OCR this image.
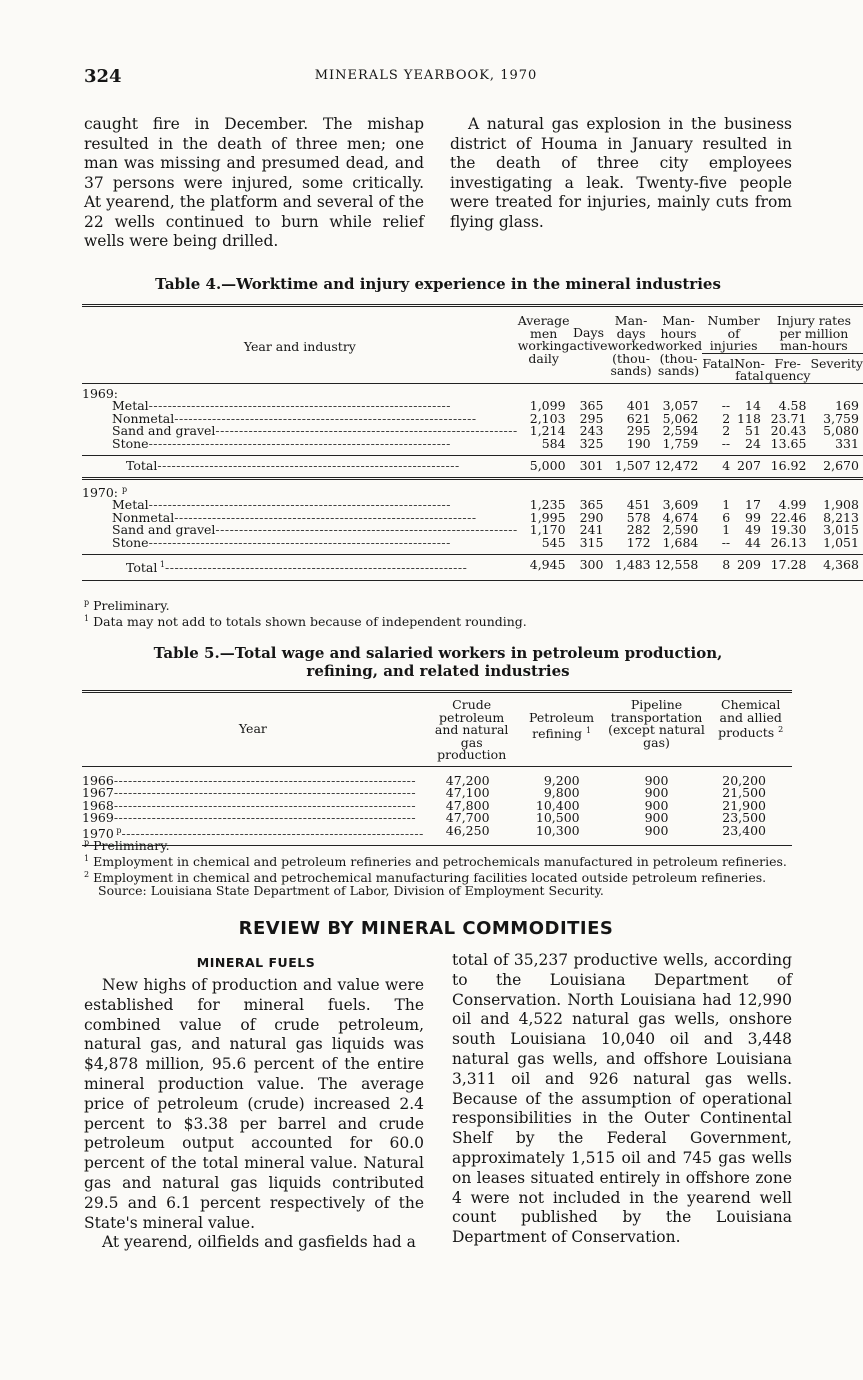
324	MINERALS YEARBOOK, 1970

caught fire in December. The mishap resulted in the death of three men; one man was missing and presumed dead, and 37 persons were injured, some critically. At yearend, the platform and several of the 22 wells continued to burn while relief wells were being drilled.

A natural gas explosion in the business district of Houma in January resulted in the death of three city employees investigating a leak. Twenty-five people were treated for injuries, mainly cuts from flying glass.

Table 4.—Worktime and injury experience in the mineral industries
Year and industry	Average men working daily	Days active	Man-days worked (thou-sands)	Man-hours worked (thou-sands)	Number of injuries		Injury rates per million man-hours	
					Fatal	Non-fatal	Fre-quency	Severity

1969:								
Metal----------------------------------------------------------------	1,099	365	401	3,057	--	14	4.58	169
Nonmetal----------------------------------------------------------------	2,103	295	621	5,062	2	118	23.71	3,759
Sand and gravel----------------------------------------------------------------	1,214	243	295	2,594	2	51	20.43	5,080
Stone----------------------------------------------------------------	584	325	190	1,759	--	24	13.65	331

Total----------------------------------------------------------------	5,000	301	1,507	12,472	4	207	16.92	2,670

1970: $^p$
Metal----------------------------------------------------------------	1,235	365	451	3,609	1	17	4.99	1,908
Nonmetal----------------------------------------------------------------	1,995	290	578	4,674	6	99	22.46	8,213
Sand and gravel----------------------------------------------------------------	1,170	241	282	2,590	1	49	19.30	3,015
Stone----------------------------------------------------------------	545	315	172	1,684	--	44	26.13	1,051

Total $^1$----------------------------------------------------------------	4,945	300	1,483	12,558	8	209	17.28	4,368

$^p$ Preliminary.
$^1$ Data may not add to totals shown because of independent rounding.
Table 5.—Total wage and salaried workers in petroleum production,
refining, and related industries
Year	Crude petroleum and natural gas production	Petroleum refining $^1$	Pipeline transportation (except natural gas)	Chemical and allied products $^2$

1966----------------------------------------------------------------	47,200	9,200	900	20,200
1967----------------------------------------------------------------	47,100	9,800	900	21,500
1968----------------------------------------------------------------	47,800	10,400	900	21,900
1969----------------------------------------------------------------	47,700	10,500	900	23,500
1970 $^p$----------------------------------------------------------------	46,250	10,300	900	23,400

$^p$ Preliminary.
$^1$ Employment in chemical and petroleum refineries and petrochemicals manufactured in petroleum refineries.
$^2$ Employment in chemical and petrochemical manufacturing facilities located outside petroleum refineries.
Source: Louisiana State Department of Labor, Division of Employment Security.
REVIEW BY MINERAL COMMODITIES
MINERAL FUELS

New highs of production and value were established for mineral fuels. The combined value of crude petroleum, natural gas, and natural gas liquids was $4,878 million, 95.6 percent of the entire mineral production value. The average price of petroleum (crude) increased 2.4 percent to $3.38 per barrel and crude petroleum output accounted for 60.0 percent of the total mineral value. Natural gas and natural gas liquids contributed 29.5 and 6.1 percent respectively of the State's mineral value.

At yearend, oilfields and gasfields had a

total of 35,237 productive wells, according to the Louisiana Department of Conservation. North Louisiana had 12,990 oil and 4,522 natural gas wells, onshore south Louisiana 10,040 oil and 3,448 natural gas wells, and offshore Louisiana 3,311 oil and 926 natural gas wells. Because of the assumption of operational responsibilities in the Outer Continental Shelf by the Federal Government, approximately 1,515 oil and 745 gas wells on leases situated entirely in offshore zone 4 were not included in the yearend well count published by the Louisiana Department of Conservation.
